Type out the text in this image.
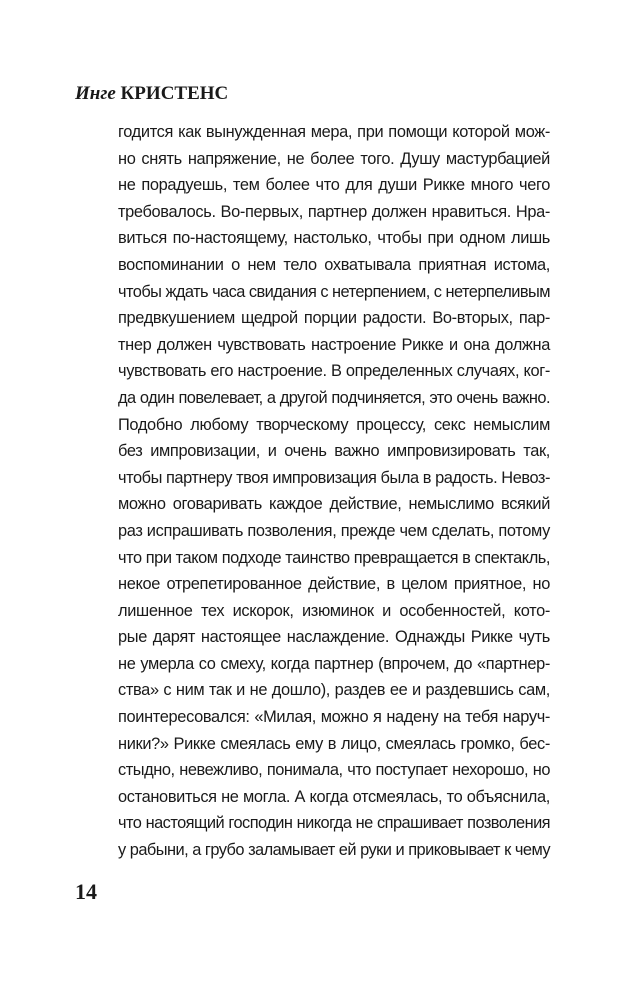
Инге КРИСТЕНС
годится как вынужденная мера, при помощи которой мож-
но снять напряжение, не более того. Душу мастурбацией
не порадуешь, тем более что для души Рикке много чего
требовалось. Во-первых, партнер должен нравиться. Нра-
виться по-настоящему, настолько, чтобы при одном лишь
воспоминании о нем тело охватывала приятная истома,
чтобы ждать часа свидания с нетерпением, с нетерпеливым
предвкушением щедрой порции радости. Во-вторых, пар-
тнер должен чувствовать настроение Рикке и она должна
чувствовать его настроение. В определенных случаях, ког-
да один повелевает, а другой подчиняется, это очень важно.
Подобно любому творческому процессу, секс немыслим
без импровизации, и очень важно импровизировать так,
чтобы партнеру твоя импровизация была в радость. Невоз-
можно оговаривать каждое действие, немыслимо всякий
раз испрашивать позволения, прежде чем сделать, потому
что при таком подходе таинство превращается в спектакль,
некое отрепетированное действие, в целом приятное, но
лишенное тех искорок, изюминок и особенностей, кото-
рые дарят настоящее наслаждение. Однажды Рикке чуть
не умерла со смеху, когда партнер (впрочем, до «партнер-
ства» с ним так и не дошло), раздев ее и раздевшись сам,
поинтересовался: «Милая, можно я надену на тебя наруч-
ники?» Рикке смеялась ему в лицо, смеялась громко, бес-
стыдно, невежливо, понимала, что поступает нехорошо, но
остановиться не могла. А когда отсмеялась, то объяснила,
что настоящий господин никогда не спрашивает позволения
у рабыни, а грубо заламывает ей руки и приковывает к чему
14
